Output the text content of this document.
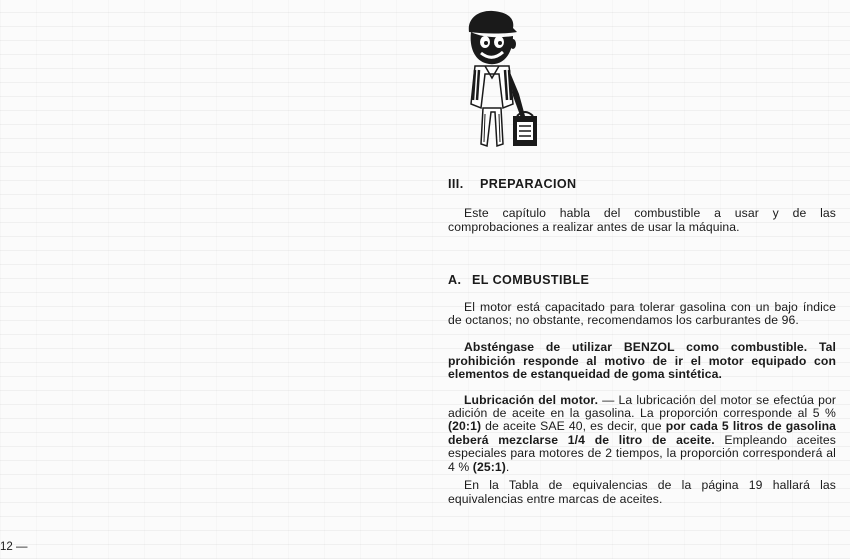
III. PREPARACION

Este capítulo habla del combustible a usar y de las comprobaciones a realizar antes de usar la máquina.

A. EL COMBUSTIBLE

El motor está capacitado para tolerar gasolina con un bajo índice de octanos; no obstante, recomendamos los carburantes de 96.

Absténgase de utilizar BENZOL como combustible. Tal prohibición responde al motivo de ir el motor equipado con elementos de estanqueidad de goma sintética.

Lubricación del motor. — La lubricación del motor se efectúa por adición de aceite en la gasolina. La proporción corresponde al 5 % (20:1) de aceite SAE 40, es decir, que por cada 5 litros de gasolina deberá mezclarse 1/4 de litro de aceite. Empleando aceites especiales para motores de 2 tiempos, la proporción corresponderá al 4 % (25:1).

En la Tabla de equivalencias de la página 19 hallará las equivalencias entre marcas de aceites.

12 —
